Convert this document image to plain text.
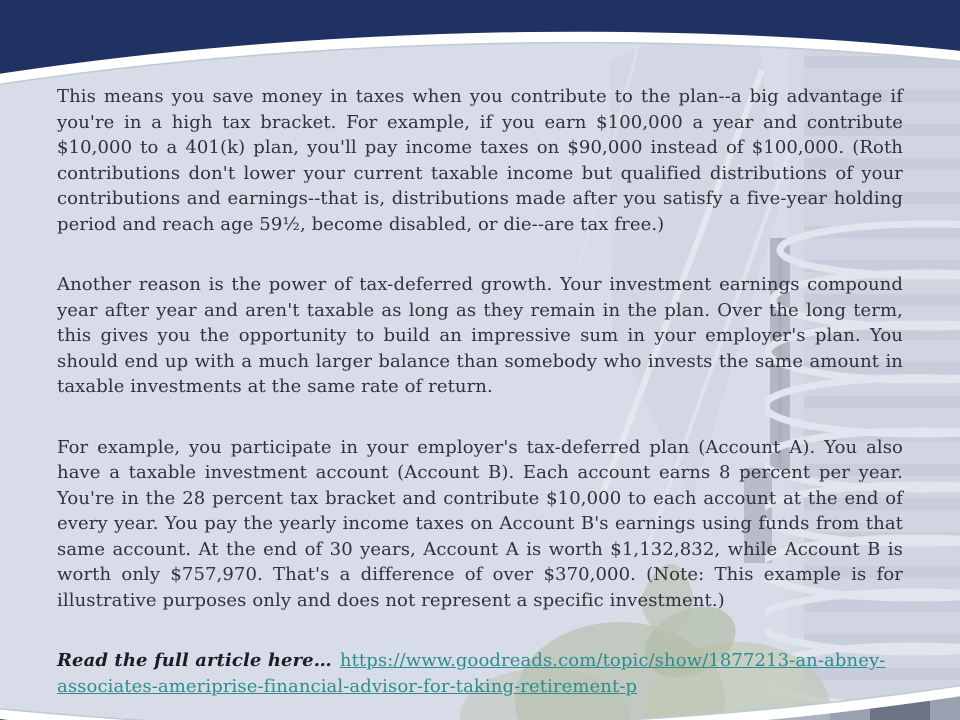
This means you save money in taxes when you contribute to the plan--a big advantage if you're in a high tax bracket. For example, if you earn $100,000 a year and contribute $10,000 to a 401(k) plan, you'll pay income taxes on $90,000 instead of $100,000. (Roth contributions don't lower your current taxable income but qualified distributions of your contributions and earnings--that is, distributions made after you satisfy a five-year holding period and reach age 59½, become disabled, or die--are tax free.)

Another reason is the power of tax-deferred growth. Your investment earnings compound year after year and aren't taxable as long as they remain in the plan. Over the long term, this gives you the opportunity to build an impressive sum in your employer's plan. You should end up with a much larger balance than somebody who invests the same amount in taxable investments at the same rate of return.

For example, you participate in your employer's tax-deferred plan (Account A). You also have a taxable investment account (Account B). Each account earns 8 percent per year. You're in the 28 percent tax bracket and contribute $10,000 to each account at the end of every year. You pay the yearly income taxes on Account B's earnings using funds from that same account. At the end of 30 years, Account A is worth $1,132,832, while Account B is worth only $757,970. That's a difference of over $370,000. (Note: This example is for illustrative purposes only and does not represent a specific investment.)

Read the full article here… https://www.goodreads.com/topic/show/1877213-an-abney-
associates-ameriprise-financial-advisor-for-taking-retirement-p
